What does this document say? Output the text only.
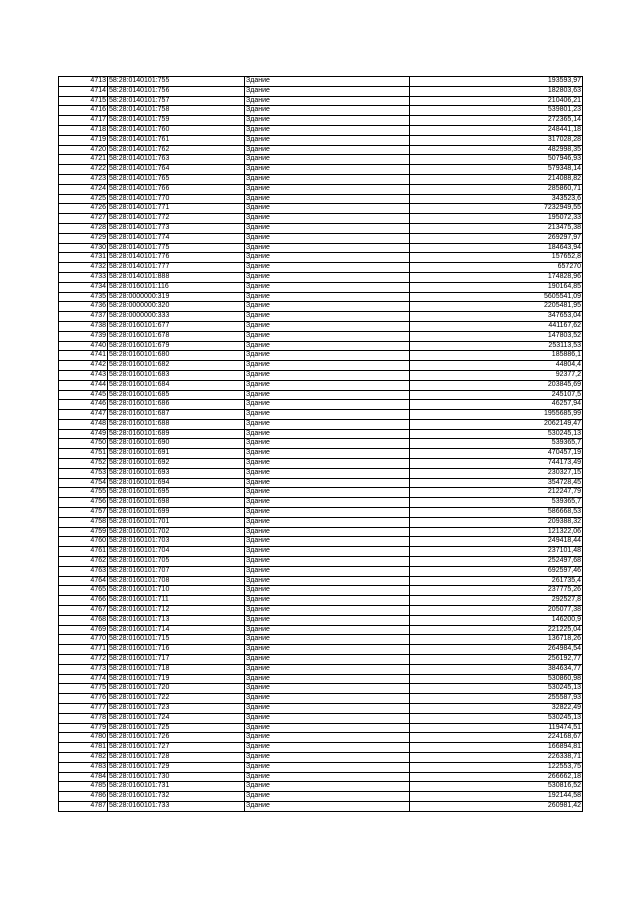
4713	58:28:0140101:755	Здание	193593,97
4714	58:28:0140101:756	Здание	182803,63
4715	58:28:0140101:757	Здание	210406,21
4716	58:28:0140101:758	Здание	539801,23
4717	58:28:0140101:759	Здание	272365,14
4718	58:28:0140101:760	Здание	248441,18
4719	58:28:0140101:761	Здание	317028,28
4720	58:28:0140101:762	Здание	482998,35
4721	58:28:0140101:763	Здание	507946,93
4722	58:28:0140101:764	Здание	579348,14
4723	58:28:0140101:765	Здание	214088,82
4724	58:28:0140101:766	Здание	285860,71
4725	58:28:0140101:770	Здание	343523,6
4726	58:28:0140101:771	Здание	7232949,55
4727	58:28:0140101:772	Здание	195072,33
4728	58:28:0140101:773	Здание	213475,38
4729	58:28:0140101:774	Здание	269297,97
4730	58:28:0140101:775	Здание	184643,94
4731	58:28:0140101:776	Здание	157652,8
4732	58:28:0140101:777	Здание	657270
4733	58:28:0140101:888	Здание	174828,96
4734	58:28:0160101:116	Здание	190164,85
4735	58:28:0000000:319	Здание	5605541,09
4736	58:28:0000000:320	Здание	2205481,95
4737	58:28:0000000:333	Здание	347653,04
4738	58:28:0160101:677	Здание	441167,62
4739	58:28:0160101:678	Здание	147803,52
4740	58:28:0160101:679	Здание	253113,53
4741	58:28:0160101:680	Здание	185886,1
4742	58:28:0160101:682	Здание	44804,4
4743	58:28:0160101:683	Здание	92377,2
4744	58:28:0160101:684	Здание	203845,69
4745	58:28:0160101:685	Здание	245107,5
4746	58:28:0160101:686	Здание	46257,94
4747	58:28:0160101:687	Здание	1955685,99
4748	58:28:0160101:688	Здание	2062149,47
4749	58:28:0160101:689	Здание	530245,13
4750	58:28:0160101:690	Здание	539365,7
4751	58:28:0160101:691	Здание	470457,19
4752	58:28:0160101:692	Здание	744173,49
4753	58:28:0160101:693	Здание	230327,15
4754	58:28:0160101:694	Здание	354728,45
4755	58:28:0160101:695	Здание	212247,79
4756	58:28:0160101:698	Здание	539365,7
4757	58:28:0160101:699	Здание	586668,53
4758	58:28:0160101:701	Здание	209388,32
4759	58:28:0160101:702	Здание	121322,06
4760	58:28:0160101:703	Здание	249418,44
4761	58:28:0160101:704	Здание	237101,48
4762	58:28:0160101:705	Здание	252497,68
4763	58:28:0160101:707	Здание	692597,46
4764	58:28:0160101:708	Здание	261735,4
4765	58:28:0160101:710	Здание	237775,26
4766	58:28:0160101:711	Здание	292527,8
4767	58:28:0160101:712	Здание	205077,38
4768	58:28:0160101:713	Здание	146200,9
4769	58:28:0160101:714	Здание	221225,04
4770	58:28:0160101:715	Здание	136718,26
4771	58:28:0160101:716	Здание	264984,54
4772	58:28:0160101:717	Здание	256192,77
4773	58:28:0160101:718	Здание	384634,77
4774	58:28:0160101:719	Здание	530860,98
4775	58:28:0160101:720	Здание	530245,13
4776	58:28:0160101:722	Здание	255587,93
4777	58:28:0160101:723	Здание	32822,49
4778	58:28:0160101:724	Здание	530245,13
4779	58:28:0160101:725	Здание	119474,51
4780	58:28:0160101:726	Здание	224168,67
4781	58:28:0160101:727	Здание	166894,81
4782	58:28:0160101:728	Здание	226338,71
4783	58:28:0160101:729	Здание	122553,75
4784	58:28:0160101:730	Здание	266662,18
4785	58:28:0160101:731	Здание	530816,52
4786	58:28:0160101:732	Здание	192144,58
4787	58:28:0160101:733	Здание	260981,42
